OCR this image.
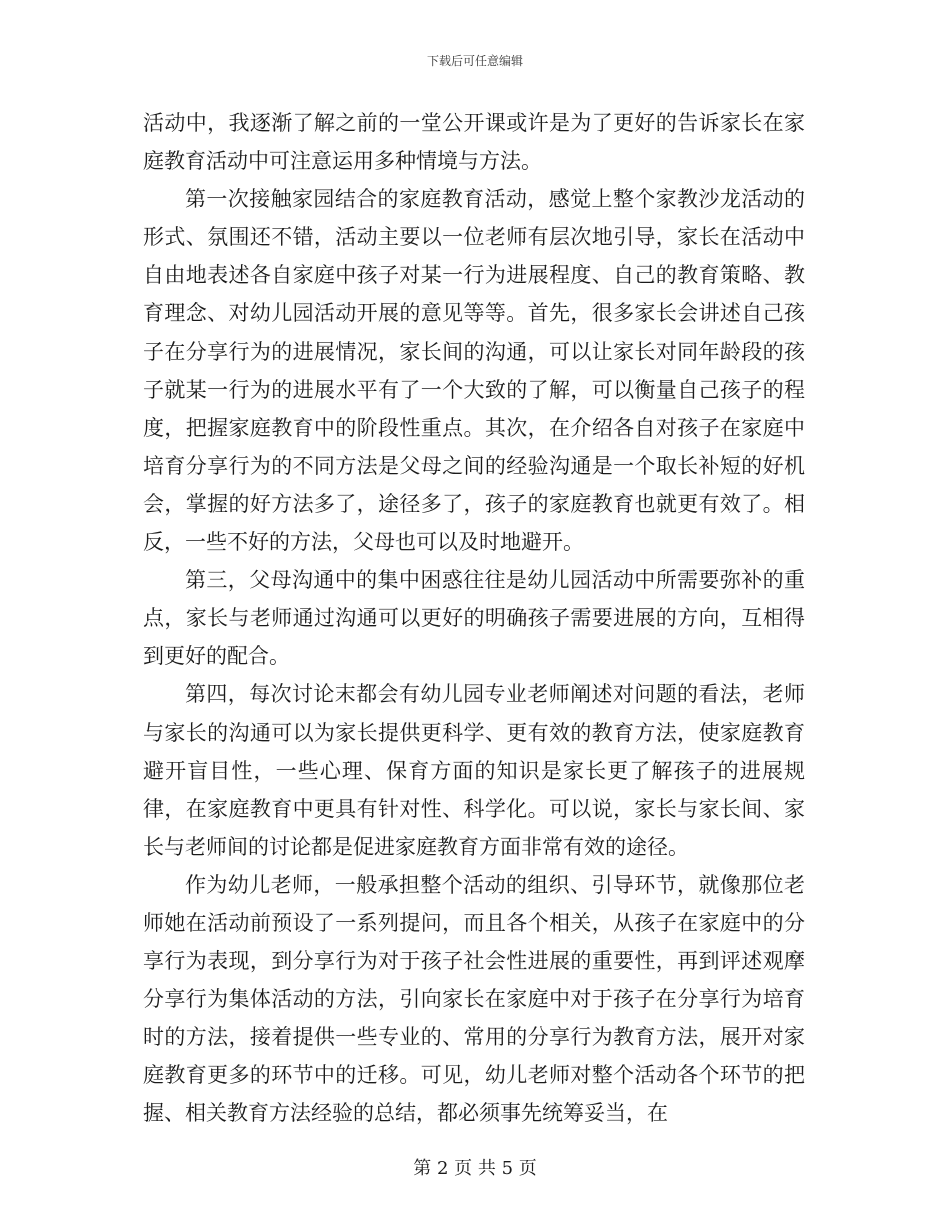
下载后可任意编辑

活动中，我逐渐了解之前的一堂公开课或许是为了更好的告诉家长在家庭教育活动中可注意运用多种情境与方法。

第一次接触家园结合的家庭教育活动，感觉上整个家教沙龙活动的形式、氛围还不错，活动主要以一位老师有层次地引导，家长在活动中自由地表述各自家庭中孩子对某一行为进展程度、自己的教育策略、教育理念、对幼儿园活动开展的意见等等。首先，很多家长会讲述自己孩子在分享行为的进展情况，家长间的沟通，可以让家长对同年龄段的孩子就某一行为的进展水平有了一个大致的了解，可以衡量自己孩子的程度，把握家庭教育中的阶段性重点。其次，在介绍各自对孩子在家庭中培育分享行为的不同方法是父母之间的经验沟通是一个取长补短的好机会，掌握的好方法多了，途径多了，孩子的家庭教育也就更有效了。相反，一些不好的方法，父母也可以及时地避开。

第三，父母沟通中的集中困惑往往是幼儿园活动中所需要弥补的重点，家长与老师通过沟通可以更好的明确孩子需要进展的方向，互相得到更好的配合。

第四，每次讨论末都会有幼儿园专业老师阐述对问题的看法，老师与家长的沟通可以为家长提供更科学、更有效的教育方法，使家庭教育避开盲目性，一些心理、保育方面的知识是家长更了解孩子的进展规律，在家庭教育中更具有针对性、科学化。可以说，家长与家长间、家长与老师间的讨论都是促进家庭教育方面非常有效的途径。

作为幼儿老师，一般承担整个活动的组织、引导环节，就像那位老师她在活动前预设了一系列提问，而且各个相关，从孩子在家庭中的分享行为表现，到分享行为对于孩子社会性进展的重要性，再到评述观摩分享行为集体活动的方法，引向家长在家庭中对于孩子在分享行为培育时的方法，接着提供一些专业的、常用的分享行为教育方法，展开对家庭教育更多的环节中的迁移。可见，幼儿老师对整个活动各个环节的把握、相关教育方法经验的总结，都必须事先统筹妥当，在

第 2 页 共 5 页
